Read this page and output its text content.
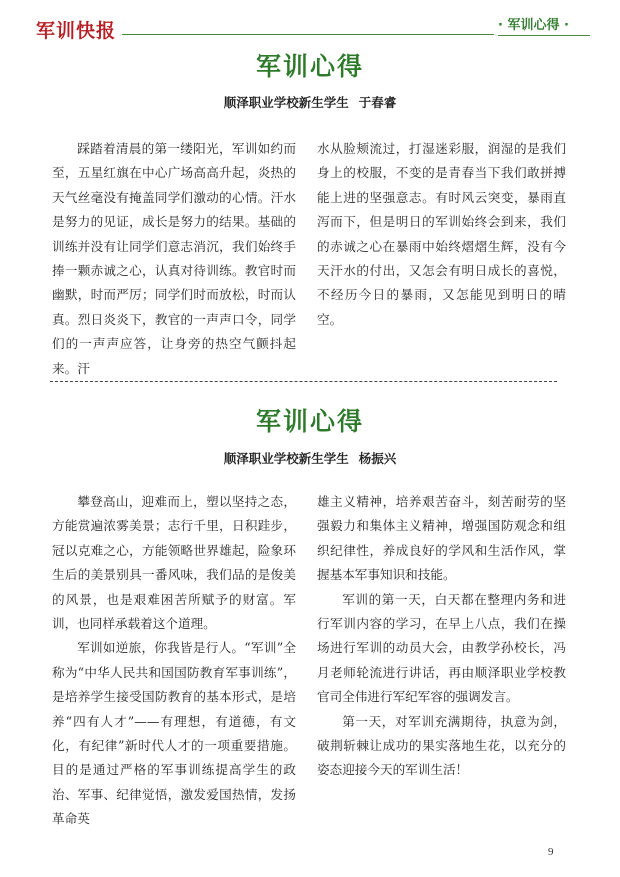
军训快报	· 军训心得 ·
军训心得
顺泽职业学校新生学生 于春睿

踩踏着清晨的第一缕阳光，军训如约而至，五星红旗在中心广场高高升起，炎热的天气丝毫没有掩盖同学们激动的心情。汗水是努力的见证，成长是努力的结果。基础的训练并没有让同学们意志消沉，我们始终手捧一颗赤诚之心，认真对待训练。教官时而幽默，时而严厉；同学们时而放松，时而认真。烈日炎炎下，教官的一声声口令，同学们的一声声应答，让身旁的热空气颤抖起来。汗

水从脸颊流过，打湿迷彩服，润湿的是我们身上的校服，不变的是青春当下我们敢拼搏能上进的坚强意志。有时风云突变，暴雨直泻而下，但是明日的军训始终会到来，我们的赤诚之心在暴雨中始终熠熠生辉，没有今天汗水的付出，又怎会有明日成长的喜悦，不经历今日的暴雨，又怎能见到明日的晴空。

军训心得
顺泽职业学校新生学生 杨振兴

攀登高山，迎难而上，塑以坚持之态，方能赏遍浓雾美景；志行千里，日积跬步，冠以克难之心，方能领略世界雄起，险象环生后的美景别具一番风味，我们品的是俊美的风景，也是艰难困苦所赋予的财富。军训，也同样承载着这个道理。

军训如逆旅，你我皆是行人。“军训”全称为“中华人民共和国国防教育军事训练”，是培养学生接受国防教育的基本形式，是培养“四有人才”——有理想，有道德，有文化，有纪律”新时代人才的一项重要措施。目的是通过严格的军事训练提高学生的政治、军事、纪律觉悟，激发爱国热情，发扬革命英

雄主义精神，培养艰苦奋斗，刻苦耐劳的坚强毅力和集体主义精神，增强国防观念和组织纪律性，养成良好的学风和生活作风，掌握基本军事知识和技能。

军训的第一天，白天都在整理内务和进行军训内容的学习，在早上八点，我们在操场进行军训的动员大会，由教学孙校长，冯月老师轮流进行讲话，再由顺泽职业学校教官司全伟进行军纪军容的强调发言。

第一天，对军训充满期待，执意为剑，破荆斩棘让成功的果实落地生花，以充分的姿态迎接今天的军训生活！

9
